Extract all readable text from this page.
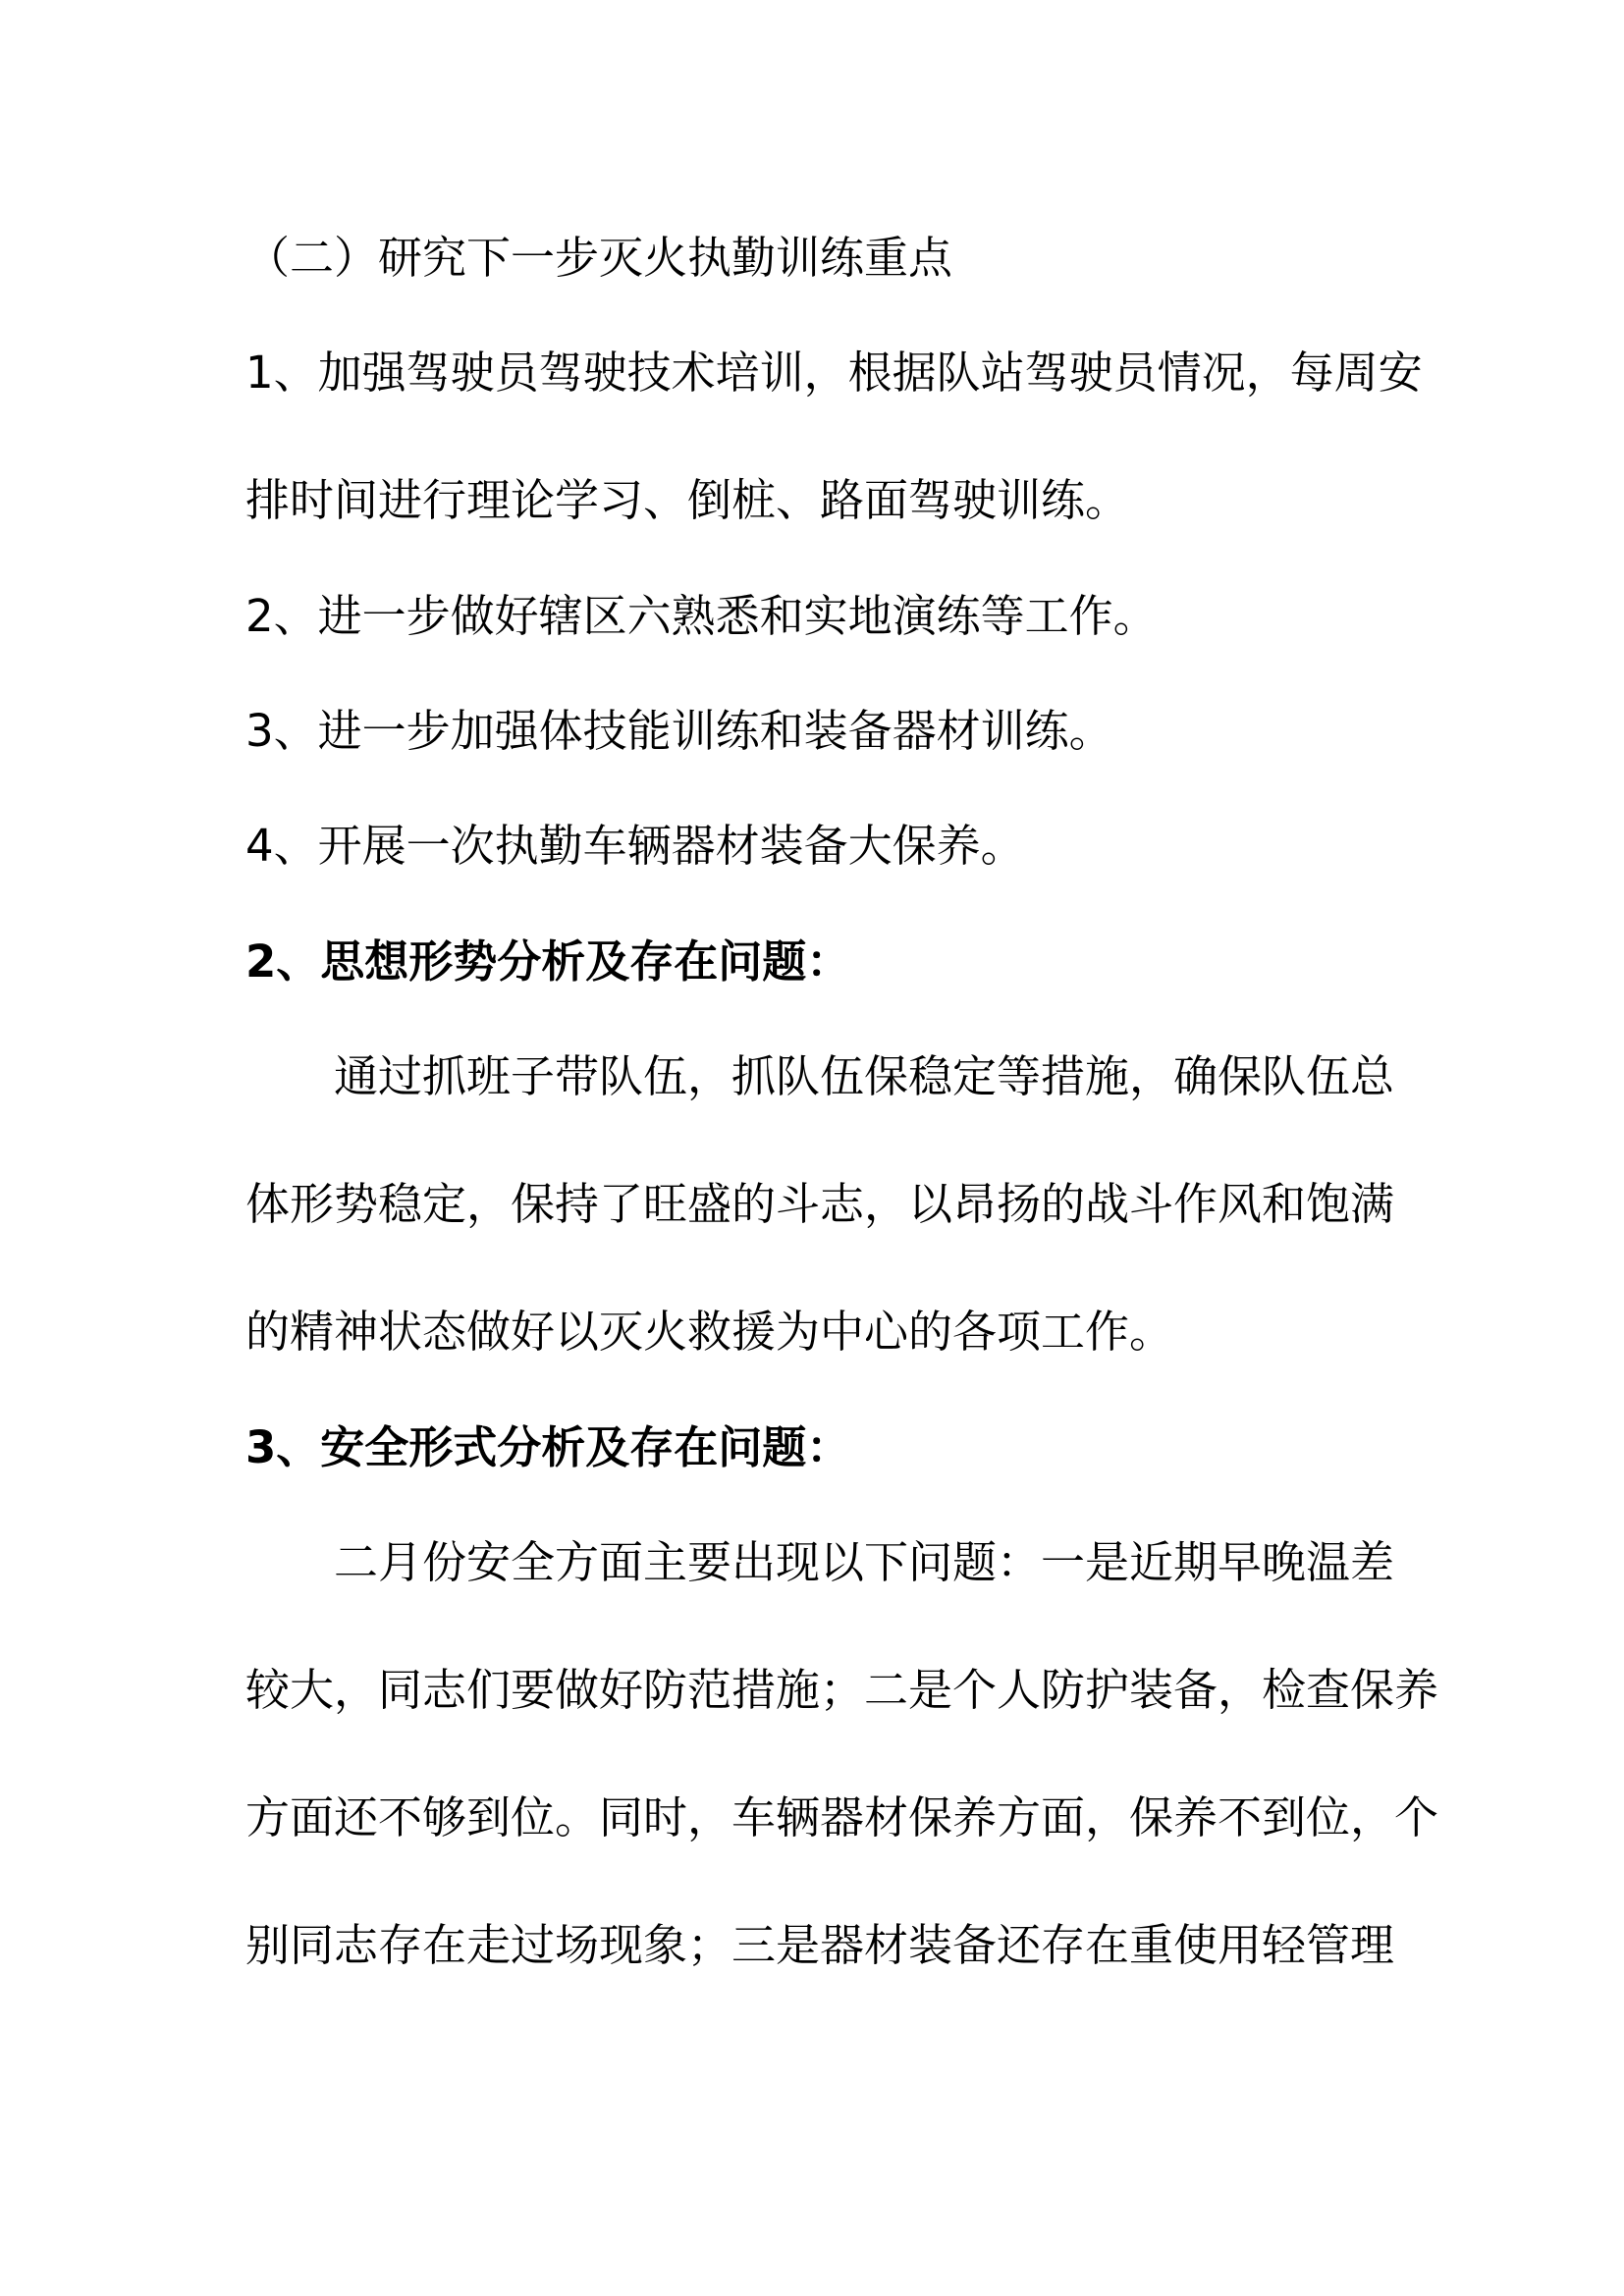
（二）研究下一步灭火执勤训练重点
1、加强驾驶员驾驶技术培训，根据队站驾驶员情况，每周安
排时间进行理论学习、倒桩、路面驾驶训练。
2、进一步做好辖区六熟悉和实地演练等工作。
3、进一步加强体技能训练和装备器材训练。
4、开展一次执勤车辆器材装备大保养。
2、思想形势分析及存在问题：
通过抓班子带队伍，抓队伍保稳定等措施，确保队伍总
体形势稳定，保持了旺盛的斗志，以昂扬的战斗作风和饱满
的精神状态做好以灭火救援为中心的各项工作。
3、安全形式分析及存在问题：
二月份安全方面主要出现以下问题：一是近期早晚温差
较大，同志们要做好防范措施；二是个人防护装备，检查保养
方面还不够到位。同时，车辆器材保养方面，保养不到位，个
别同志存在走过场现象；三是器材装备还存在重使用轻管理
